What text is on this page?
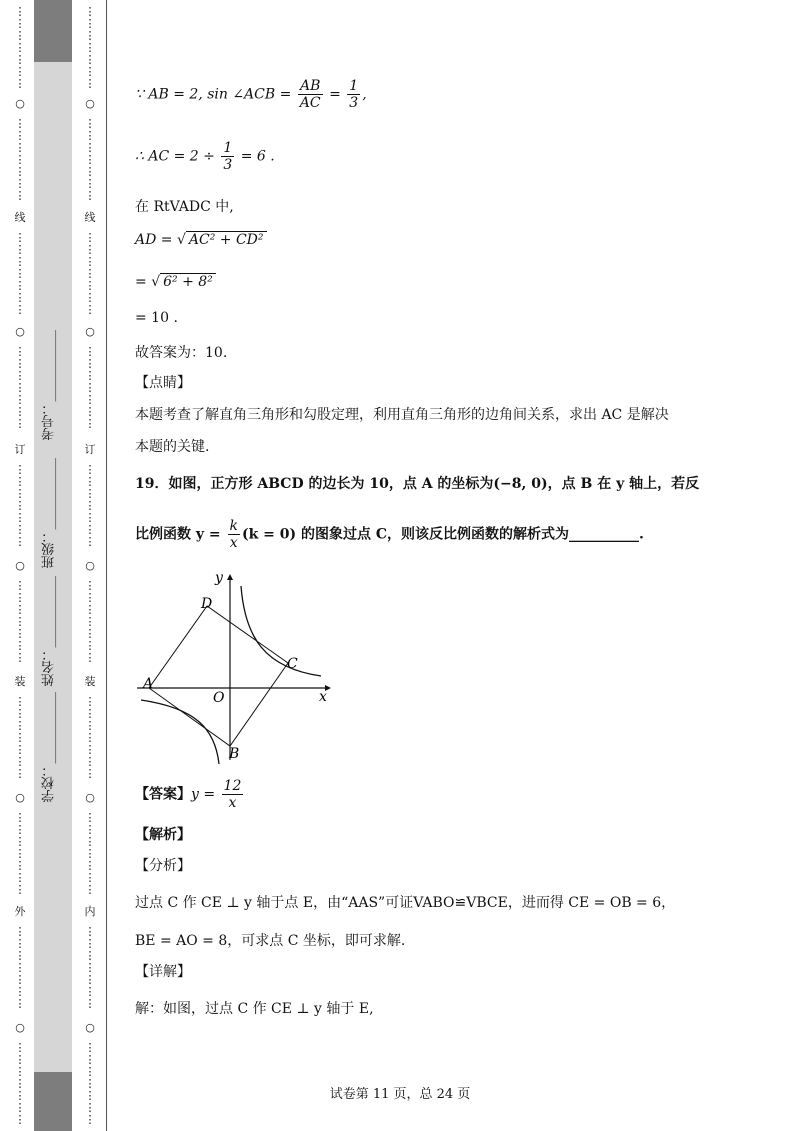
⋮
⋮
⋮
⋮
⋮
⋮
⋮
○
⋮
⋮
⋮
⋮
⋮
⋮
⋮
线
⋮
⋮
⋮
⋮
⋮
⋮
⋮
○
⋮
⋮
⋮
⋮
⋮
⋮
⋮
订
⋮
⋮
⋮
⋮
⋮
⋮
⋮
○
⋮
⋮
⋮
⋮
⋮
⋮
⋮
装
⋮
⋮
⋮
⋮
⋮
⋮
⋮
○
⋮
⋮
⋮
⋮
⋮
⋮
⋮
外
⋮
⋮
⋮
⋮
⋮
⋮
⋮
○
⋮
⋮
⋮
⋮
⋮
⋮
⋮
考号：___________
班级：___________
姓名：___________
学校：___________
⋮
⋮
⋮
⋮
⋮
⋮
⋮
○
⋮
⋮
⋮
⋮
⋮
⋮
⋮
线
⋮
⋮
⋮
⋮
⋮
⋮
⋮
○
⋮
⋮
⋮
⋮
⋮
⋮
⋮
订
⋮
⋮
⋮
⋮
⋮
⋮
⋮
○
⋮
⋮
⋮
⋮
⋮
⋮
⋮
装
⋮
⋮
⋮
⋮
⋮
⋮
⋮
○
⋮
⋮
⋮
⋮
⋮
⋮
⋮
内
⋮
⋮
⋮
⋮
⋮
⋮
⋮
○
⋮
⋮
⋮
⋮
⋮
⋮
⋮
∵ AB = 2, sin ∠ACB = $\frac{AB}{AC} = \frac{1}{3}$ ,
∴ AC = $2 \div \frac{1}{3} = 6$ .
在 RtVADC 中,
AD = √ AC² + CD²
= √ 6² + 8²
= 10 .
故答案为：10.
【点睛】
本题考查了解直角三角形和勾股定理，利用直角三角形的边角间关系，求出 AC 是解决
本题的关键.
19．如图，正方形 ABCD 的边长为 10，点 A 的坐标为(−8, 0)，点 B 在 y 轴上，若反
比例函数 $y = \frac{k}{x} (k = 0)$ 的图象过点 C，则该反比例函数的解析式为__________.
y
x
O
A
B
C
D
【答案】$y = \frac{12}{x}$
【解析】
【分析】
过点 C 作 CE ⊥ y 轴于点 E，由“AAS”可证VABO≌VBCE，进而得 CE = OB = 6，
BE = AO = 8，可求点 C 坐标，即可求解.
【详解】
解：如图，过点 C 作 CE ⊥ y 轴于 E,
试卷第 11 页，总 24 页
